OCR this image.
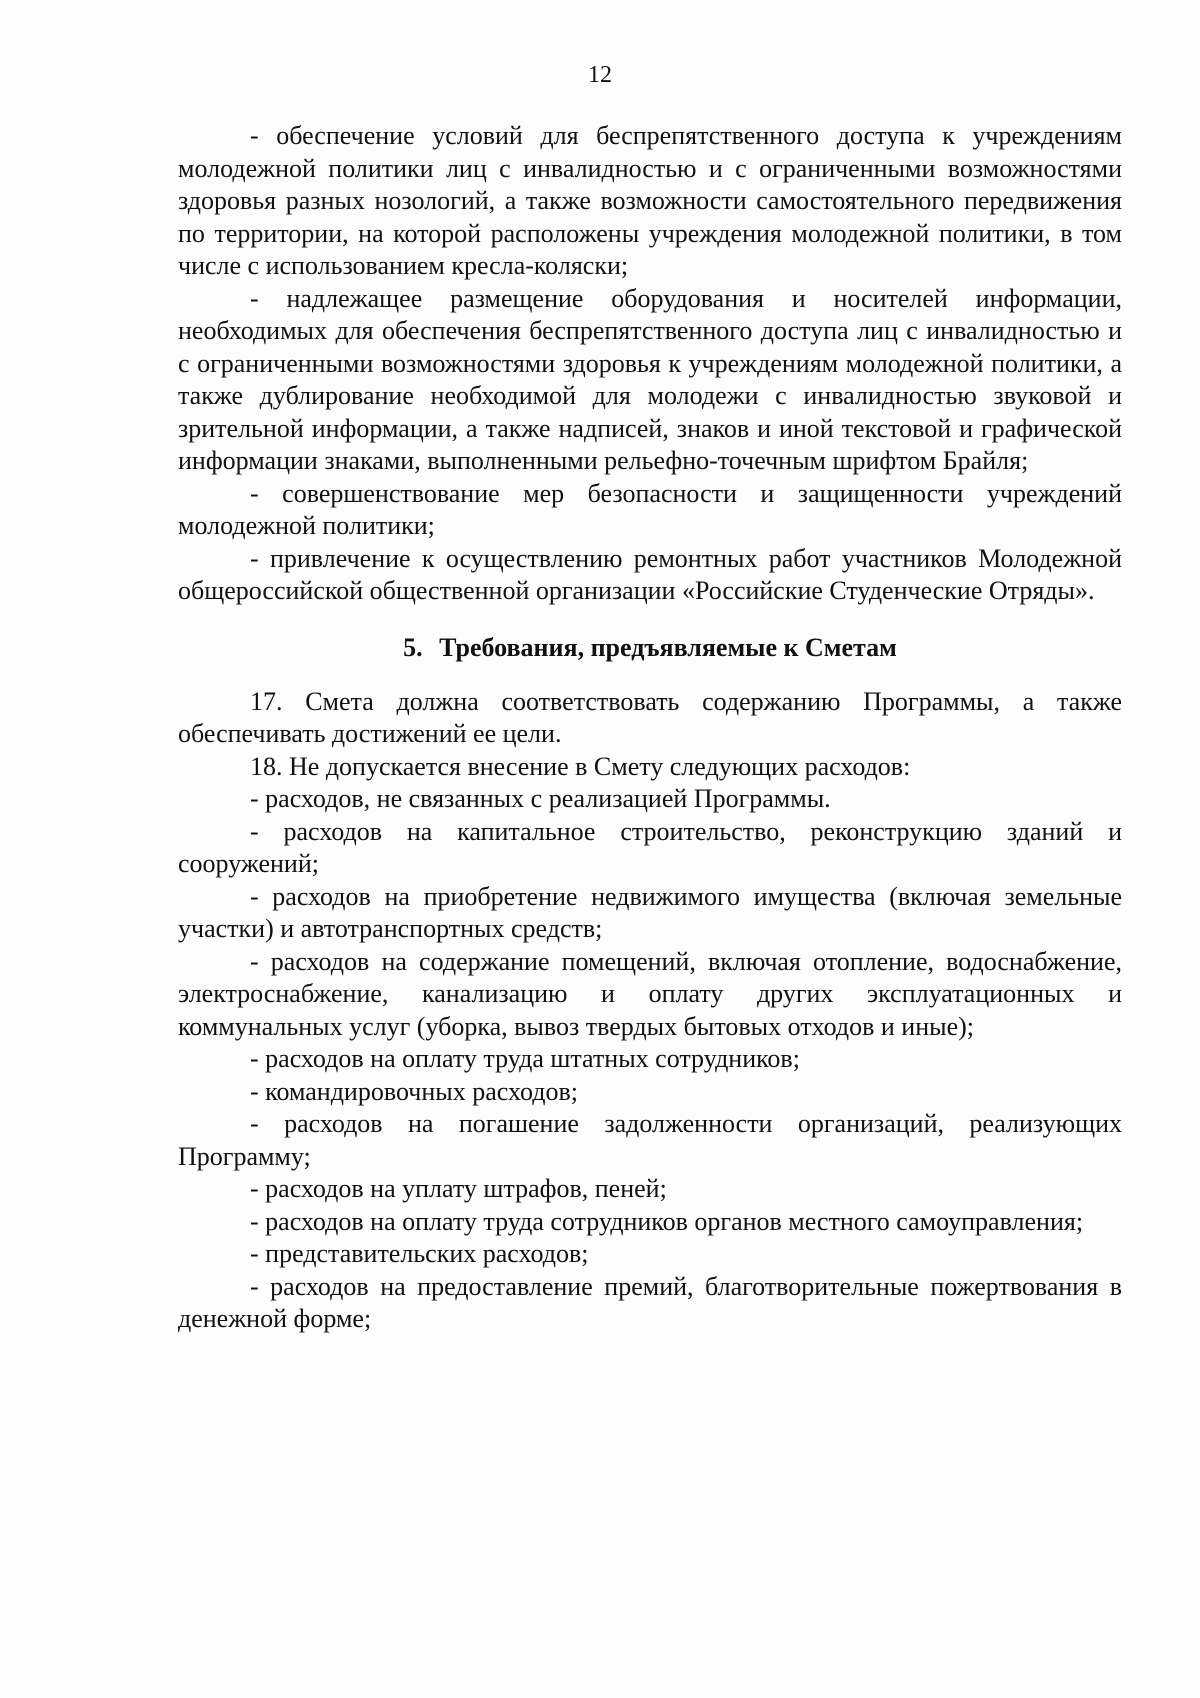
12

- обеспечение условий для беспрепятственного доступа к учреждениям молодежной политики лиц с инвалидностью и с ограниченными возможностями здоровья разных нозологий, а также возможности самостоятельного передвижения по территории, на которой расположены учреждения молодежной политики, в том числе с использованием кресла-коляски;

- надлежащее размещение оборудования и носителей информации, необходимых для обеспечения беспрепятственного доступа лиц с инвалидностью и с ограниченными возможностями здоровья к учреждениям молодежной политики, а также дублирование необходимой для молодежи с инвалидностью звуковой и зрительной информации, а также надписей, знаков и иной текстовой и графической информации знаками, выполненными рельефно-точечным шрифтом Брайля;

- совершенствование мер безопасности и защищенности учреждений молодежной политики;

- привлечение к осуществлению ремонтных работ участников Молодежной общероссийской общественной организации «Российские Студенческие Отряды».

5. Требования, предъявляемые к Сметам

17. Смета должна соответствовать содержанию Программы, а также обеспечивать достижений ее цели.

18. Не допускается внесение в Смету следующих расходов:

- расходов, не связанных с реализацией Программы.

- расходов на капитальное строительство, реконструкцию зданий и сооружений;

- расходов на приобретение недвижимого имущества (включая земельные участки) и автотранспортных средств;

- расходов на содержание помещений, включая отопление, водоснабжение, электроснабжение, канализацию и оплату других эксплуатационных и коммунальных услуг (уборка, вывоз твердых бытовых отходов и иные);

- расходов на оплату труда штатных сотрудников;

- командировочных расходов;

- расходов на погашение задолженности организаций, реализующих Программу;

- расходов на уплату штрафов, пеней;

- расходов на оплату труда сотрудников органов местного самоуправления;

- представительских расходов;

- расходов на предоставление премий, благотворительные пожертвования в денежной форме;
